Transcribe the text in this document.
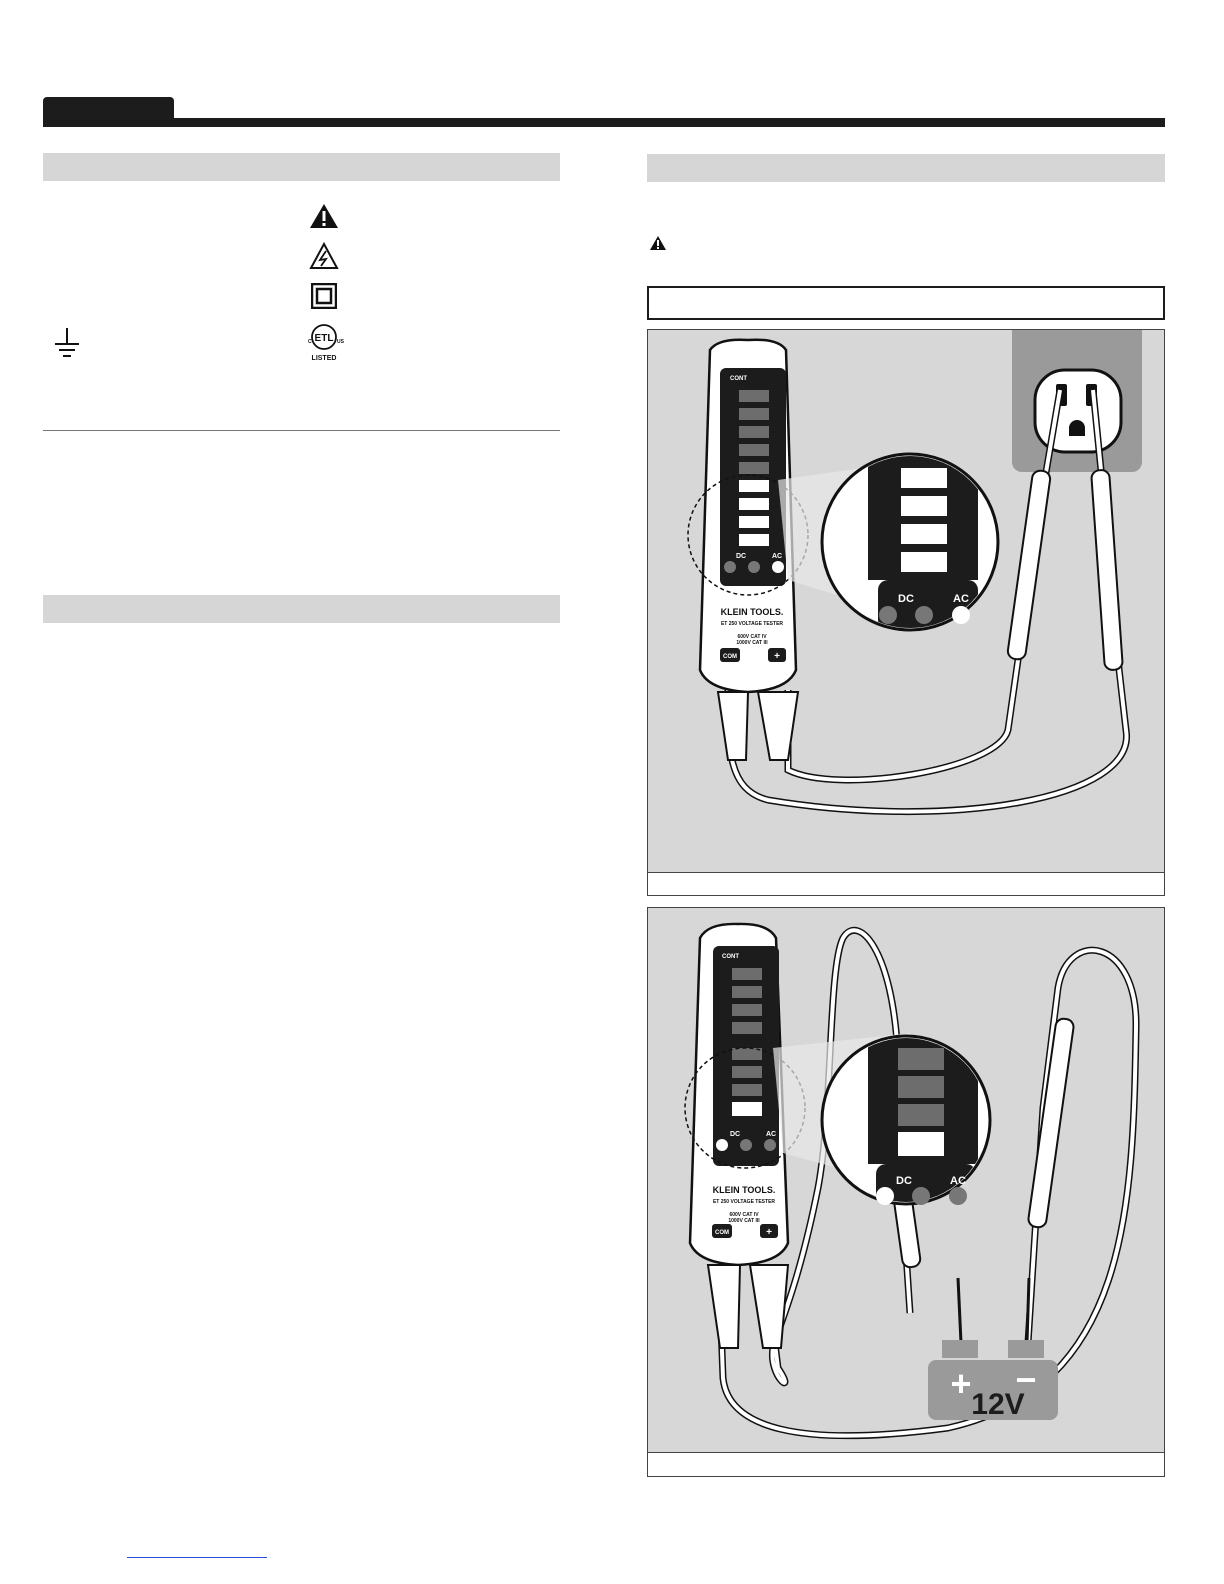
ETL
C	US
LISTED
CONT
DC	AC
KLEIN TOOLS.
ET 250 VOLTAGE TESTER
600V CAT IV
1000V CAT III
COM	+
DC	AC
+ −
12V
CONT
DC	AC
KLEIN TOOLS.
ET 250 VOLTAGE TESTER
600V CAT IV
1000V CAT III
COM	+
DC	AC
